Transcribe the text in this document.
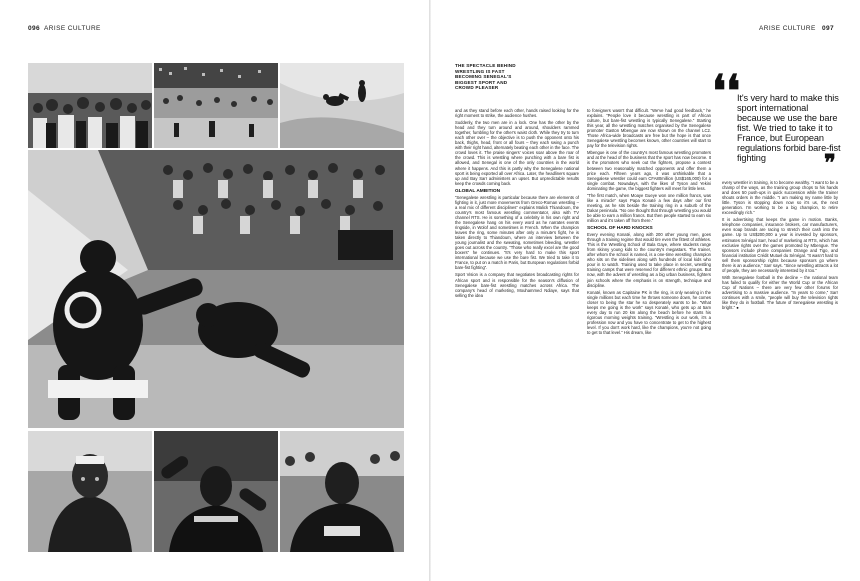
096 ARISE CULTURE	ARISE CULTURE 097
THE SPECTACLE BEHIND WRESTLING IS FAST BECOMING SENEGAL'S BIGGEST SPORT AND CROWD PLEASER

and as they stand before each other, hands raised looking for the right moment to strike, the audience hushes.

Suddenly, the two men are in a lock. One has the other by the head and they turn around and around, shoulders rammed together, fumbling for the other's waist cloth. While they try to turn each other over – the objective is to push the opponent onto his back, thighs, head, front or all fours – they each swing a punch with their right hand, alternately beating each other in the face. The crowd loves it. The praise singers' voices soar above the roar of the crowd. This is wrestling where punching with a bare fist is allowed, and Senegal is one of the only countries in the world where it happens. And this is partly why the Senegalese national sport is being exported all over Africa. Later, the headliners square up and Bay Sarr administers an upset. But unpredictable results keep the crowds coming back.

GLOBAL AMBITION

“Senegalese wrestling is particular because there are elements of fighting in it, just more movements from Greco-Roman wrestling – a real mix of different disciplines” explains Malick Thiandoum, the country's most famous wrestling commentator, also with TV channel RTS. He is something of a celebrity in his own right and the Senegalese hang on his every word as he narrates events ringside, in Wolof and sometimes in French. When the champion leaves the ring, some minutes after only a minute's fight, he is taken directly to Thiandoum, where an interview between the young journalist and the sweating, sometimes bleeding, wrestler goes out across the country. “Those who really excel are the good boxers” he continues. “It's very hard to make this sport international because we use the bare fist. We tried to take it to France, to put on a match in Paris, but European regulations forbid bare-fist fighting”.

Sport Vision is a company that negotiates broadcasting rights for African sport and is responsible for the season's diffusion of Senegalese bare-fist wrestling matches across Africa. The company's head of marketing, Mouhammed Ndiaye, says that selling the idea

to foreigners wasn't that difficult. “We've had good feedback,” he explains. “People love it because wrestling is part of African culture, but bare-fist wrestling is typically Senegalese.” Starting this year, all the wrestling matches organised by the Senegalese promoter Gaston Mbengue are now shown on the channel LC2. Those Africa-wide broadcasts are free but the hope is that once Senegalese wrestling becomes known, other countries will start to pay for the television rights.

Mbengue is one of the country's most famous wrestling promoters and at the head of the business that the sport has now become. It is the promoters who seek out the fighters, propose a contest between two reasonably matched opponents and offer them a price each. Fifteen years ago, it was unthinkable that a Senegalese wrestler could earn CFA80million (US$165,000) for a single combat. Nowadays, with the likes of Tyson and Yekini dominating the game, the biggest fighters will meet for little less.

“The first match, when Moaye Gueye won one million francs, was like a miracle” says Papa Konaté a few days after our first meeting, as he sits beside the training ring in a suburb of the Dakar peninsula. “No one thought that through wrestling you would be able to earn a million francs. But then people started to earn six million and it's taken off from there.”

SCHOOL OF HARD KNOCKS

Every evening Konaté, along with 200 other young men, goes through a training regime that would tire even the fittest of athletes. This is the Wrestling School of Bala Gaye, where students range from skinny young kids to the country's megastars. The trainer, after whom the school is named, is a one-time wrestling champion who sits on the sidelines along with hundreds of local kids who pour in to watch. Training used to take place in secret, wrestling training camps that were reserved for different ethnic groups. But now, with the advent of wrestling as a big urban business, fighters join schools where the emphasis is on strength, technique and discipline.

Konaté, known as Capitaine PK in the ring, is only wearing in the single millions but each time he throws someone down, he comes closer to being the star he so desperately wants to be. “What keeps me going is the work” says Konaté, who gets up at 5am every day to run 20 km along the beach before he starts his rigorous morning weights training. “Wrestling is our work, it's a profession now and you have to concentrate to get to the highest level. If you don't work hard, like the champions, you're not going to get to that level.” His dream, like

every wrestler in training, is to become wealthy. “I want to be a champ of the ways, as the training group chops to his hands and does 50 push-ups in quick succession while the trainer shouts orders in the middle. “I am making my name little by little. Tyson is stopping down now so it's us, the next generation. I'm working to be a big champion, to retire exceedingly rich.”

It is advertising that keeps the game in motion. Banks, telephone companies, insurance brokers, car manufacturers, even soap brands are racing to stretch their cash into the game. Up to US$200,000 a year is invested by sponsors, estimates Sénégal Sarr, head of marketing at RTS, which has exclusive rights over the games promoted by Mbengue. The sponsors include phone companies Orange and Tigo, and financial institution Crédit Mutuel du Sénégal. “It wasn't hard to sell them sponsorship rights because sponsors go where there is an audience,” Sarr says. “Since wrestling attracts a lot of people, they are necessarily interested by it too.”

With Senegalese football in the decline – the national team has failed to qualify for either the World Cup or the African Cup of Nations – there are very few other forums for advertising to a massive audience. “In years to come,” Sarr continues with a smile, “people will buy the television rights like they do in football. The future of Senegalese wrestling is bright.” ●

❛❛
It's very hard to make this sport international because we use the bare fist. We tried to take it to France, but European regulations forbid bare-fist fighting	❞
